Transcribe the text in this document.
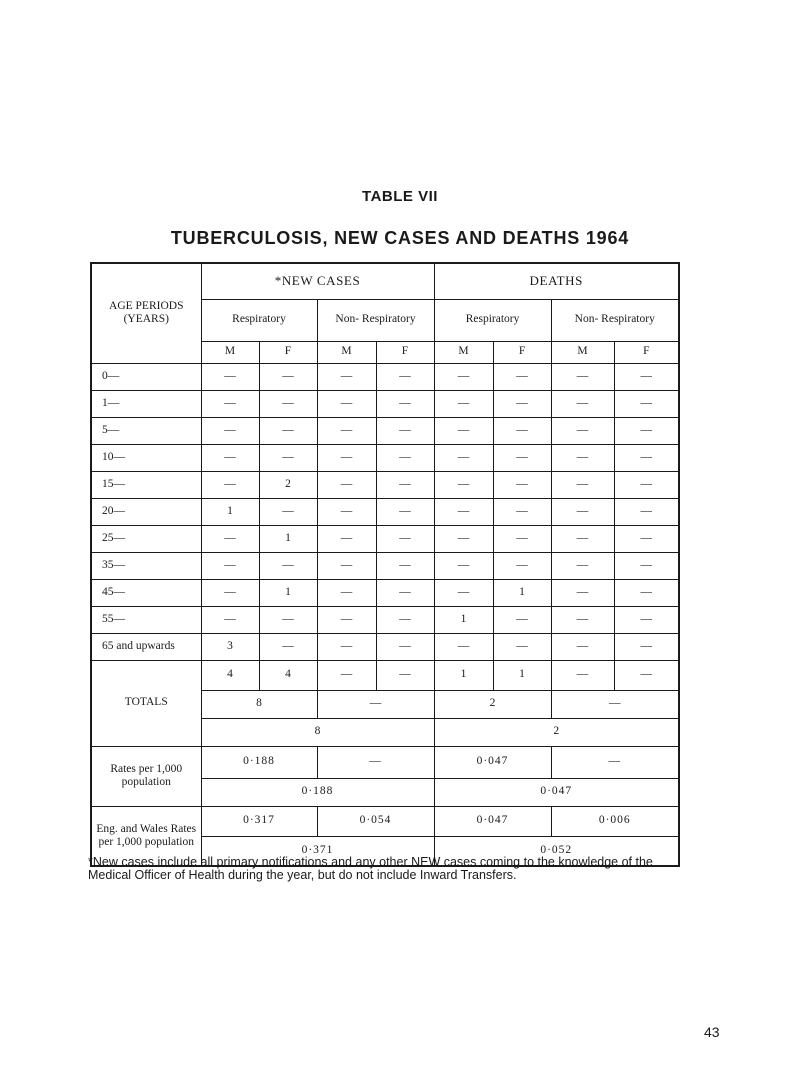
TABLE VII
TUBERCULOSIS, NEW CASES AND DEATHS 1964
AGE PERIODS (YEARS)	*NEW CASES				DEATHS			
	Respiratory		Non- Respiratory		Respiratory		Non- Respiratory	
	M	F	M	F	M	F	M	F
0—	—	—	—	—	—	—	—	—
1—	—	—	—	—	—	—	—	—
5—	—	—	—	—	—	—	—	—
10—	—	—	—	—	—	—	—	—
15—	—	2	—	—	—	—	—	—
20—	1	—	—	—	—	—	—	—
25—	—	1	—	—	—	—	—	—
35—	—	—	—	—	—	—	—	—
45—	—	1	—	—	—	1	—	—
55—	—	—	—	—	1	—	—	—
65 and upwards	3	—	—	—	—	—	—	—
TOTALS	4	4	—	—	1	1	—	—
	8		—		2		—	
	8				2			
Rates per 1,000 population	0·188		—		0·047		—	
	0·188				0·047			
Eng. and Wales Rates per 1,000 population	0·317		0·054		0·047		0·006	
	0·371				0·052			
*New cases include all primary notifications and any other NEW cases coming to the knowledge of the Medical Officer of Health during the year, but do not include Inward Transfers.
43
